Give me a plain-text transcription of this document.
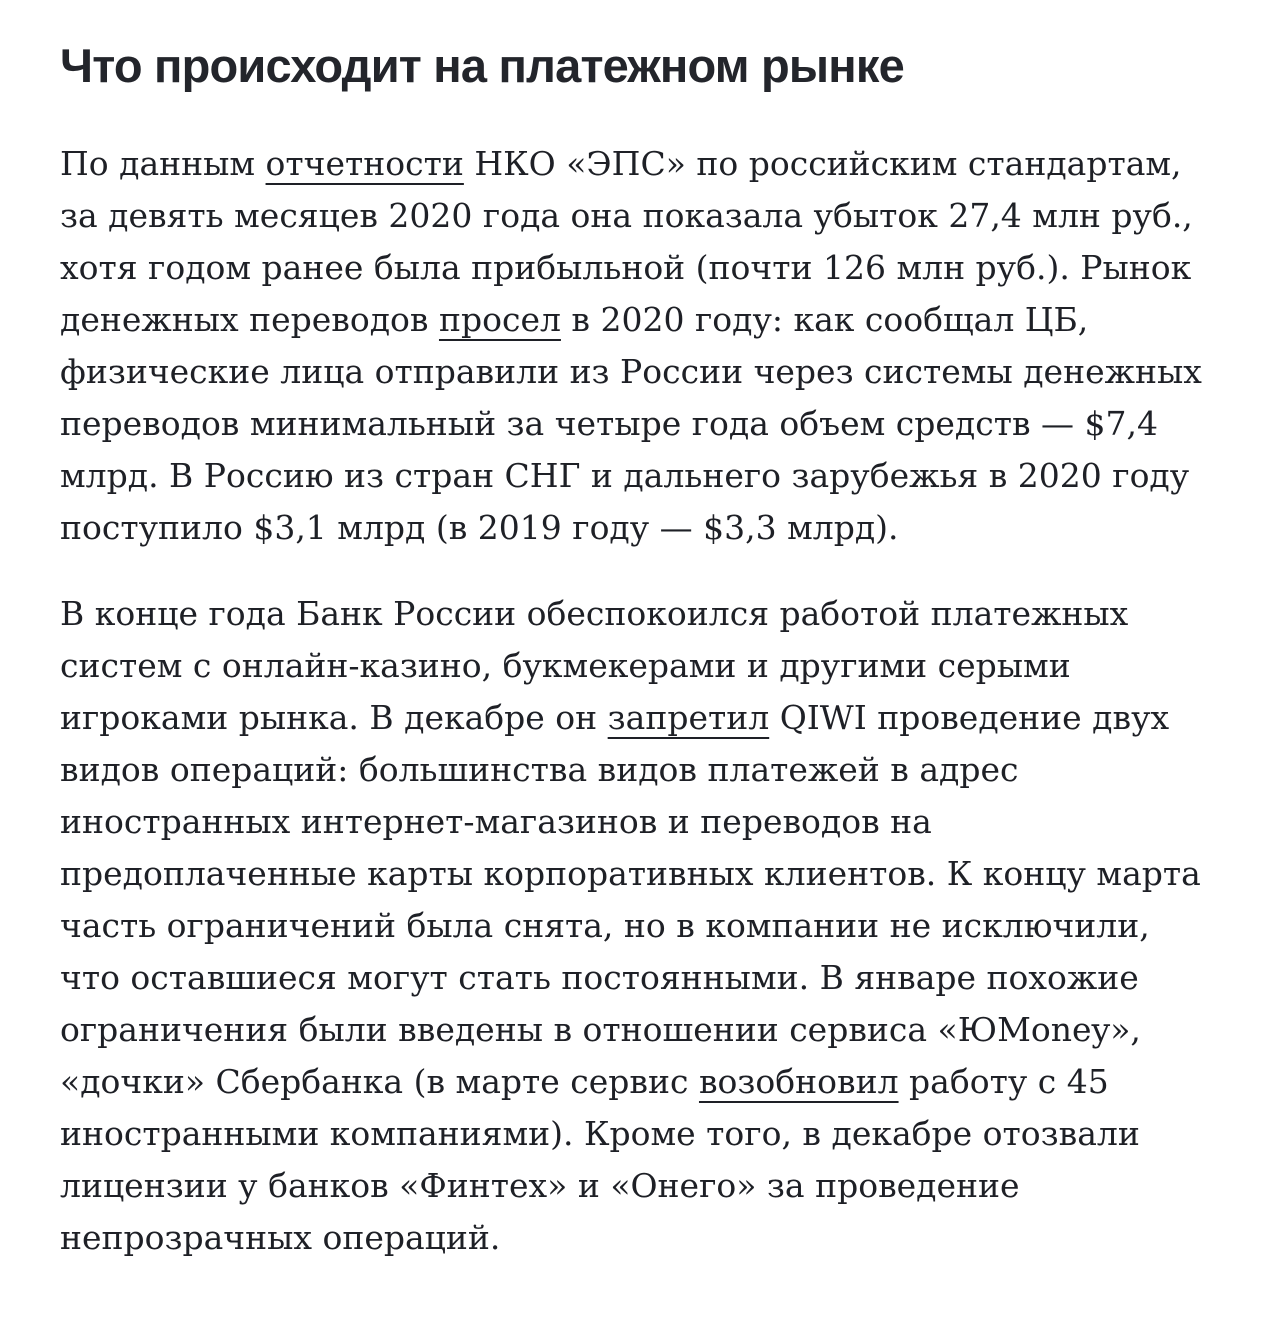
Что происходит на платежном рынке

По данным отчетности НКО «ЭПС» по российским стандартам, за девять месяцев 2020 года она показала убыток 27,4 млн руб., хотя годом ранее была прибыльной (почти 126 млн руб.). Рынок денежных переводов просел в 2020 году: как сообщал ЦБ, физические лица отправили из России через системы денежных переводов минимальный за четыре года объем средств — $7,4 млрд. В Россию из стран СНГ и дальнего зарубежья в 2020 году поступило $3,1 млрд (в 2019 году — $3,3 млрд).

В конце года Банк России обеспокоился работой платежных систем с онлайн-казино, букмекерами и другими серыми игроками рынка. В декабре он запретил QIWI проведение двух видов операций: большинства видов платежей в адрес иностранных интернет-магазинов и переводов на предоплаченные карты корпоративных клиентов. К концу марта часть ограничений была снята, но в компании не исключили, что оставшиеся могут стать постоянными. В январе похожие ограничения были введены в отношении сервиса «ЮMoney», «дочки» Сбербанка (в марте сервис возобновил работу с 45 иностранными компаниями). Кроме того, в декабре отозвали лицензии у банков «Финтех» и «Онего» за проведение непрозрачных операций.
